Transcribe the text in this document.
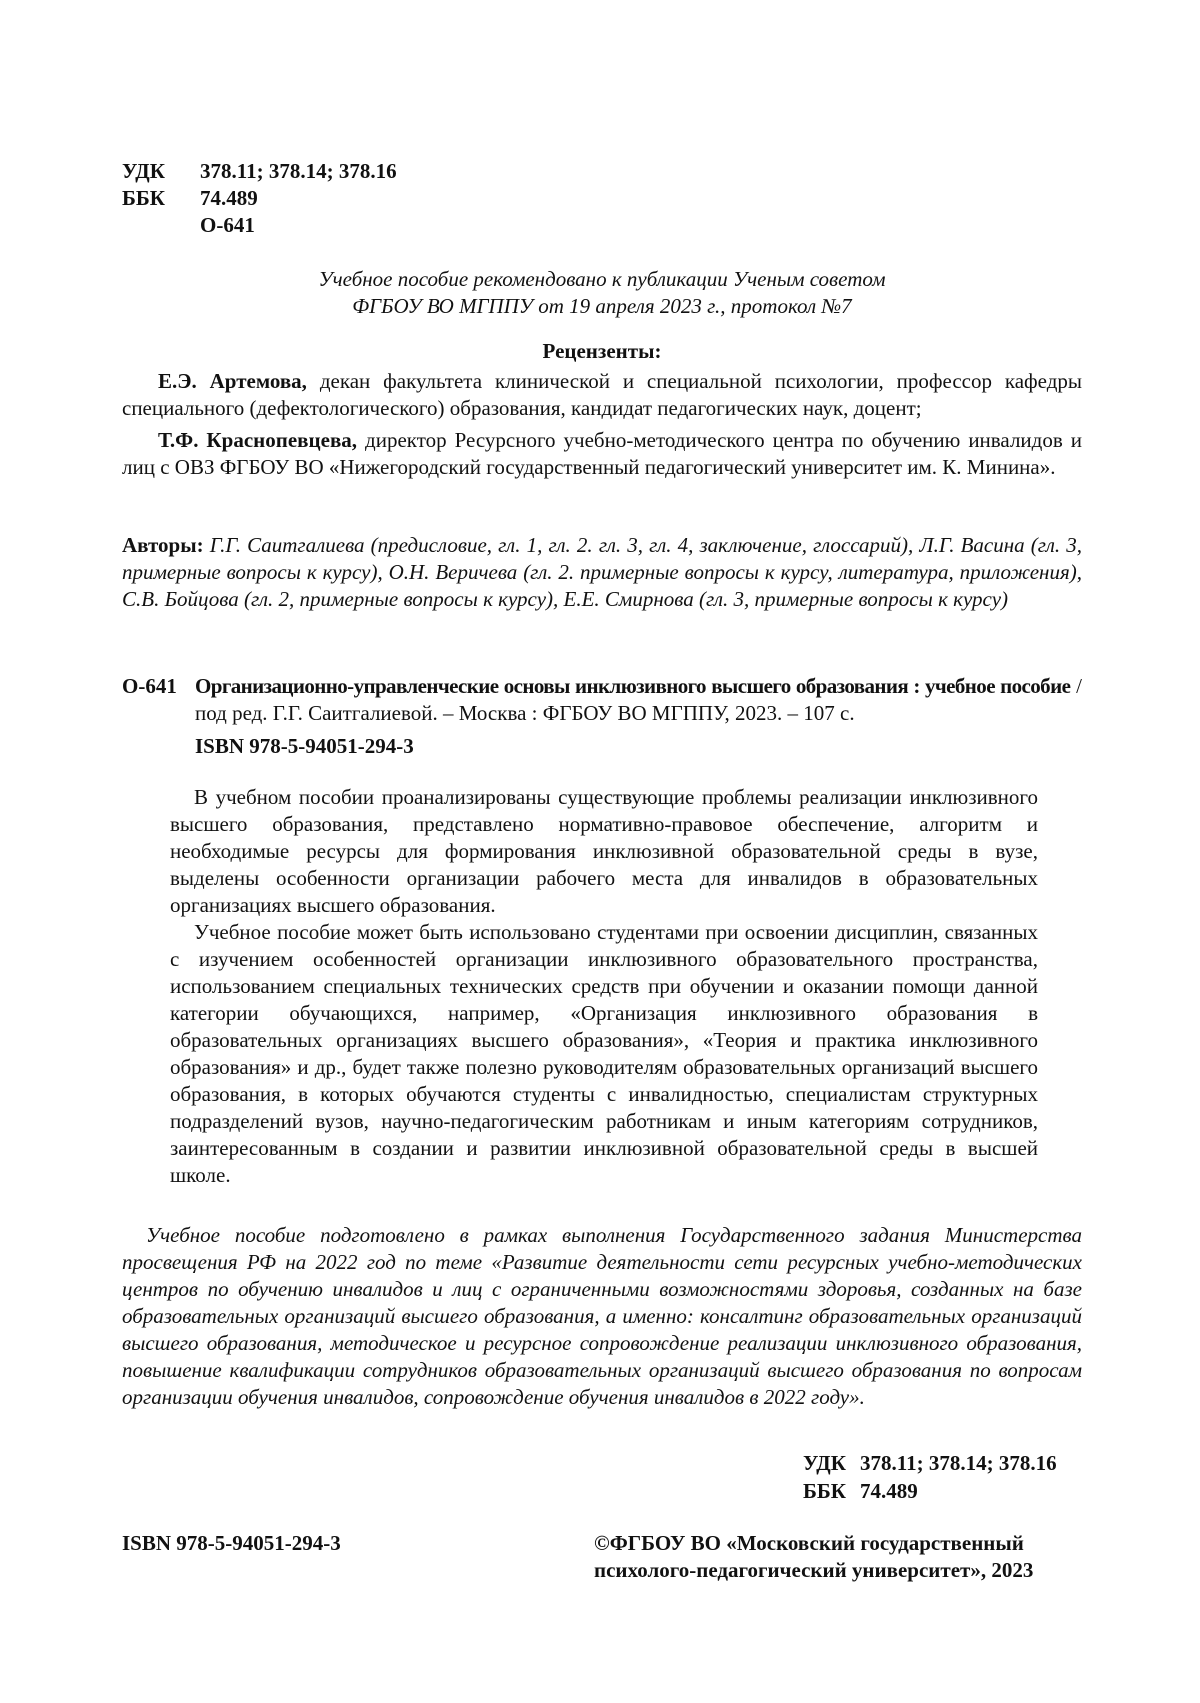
УДК 378.11; 378.14; 378.16
ББК 74.489
О-641
Учебное пособие рекомендовано к публикации Ученым советом
ФГБОУ ВО МГППУ от 19 апреля 2023 г., протокол №7
Рецензенты:
Е.Э. Артемова, декан факультета клинической и специальной психологии, профессор кафедры специального (дефектологического) образования, кандидат педагогических наук, доцент;
Т.Ф. Краснопевцева, директор Ресурсного учебно-методического центра по обучению инвалидов и лиц с ОВЗ ФГБОУ ВО «Нижегородский государственный педагогический университет им. К. Минина».
Авторы: Г.Г. Саитгалиева (предисловие, гл. 1, гл. 2. гл. 3, гл. 4, заключение, глоссарий), Л.Г. Васина (гл. 3, примерные вопросы к курсу), О.Н. Веричева (гл. 2. примерные вопросы к курсу, литература, приложения), С.В. Бойцова (гл. 2, примерные вопросы к курсу), Е.Е. Смирнова (гл. 3, примерные вопросы к курсу)
О-641 Организационно-управленческие основы инклюзивного высшего образования : учебное пособие / под ред. Г.Г. Саитгалиевой. – Москва : ФГБОУ ВО МГППУ, 2023. – 107 с.
ISBN 978-5-94051-294-3

В учебном пособии проанализированы существующие проблемы реализации инклюзивного высшего образования, представлено нормативно-правовое обеспечение, алгоритм и необходимые ресурсы для формирования инклюзивной образовательной среды в вузе, выделены особенности организации рабочего места для инвалидов в образовательных организациях высшего образования.

Учебное пособие может быть использовано студентами при освоении дисциплин, связанных с изучением особенностей организации инклюзивного образовательного пространства, использованием специальных технических средств при обучении и оказании помощи данной категории обучающихся, например, «Организация инклюзивного образования в образовательных организациях высшего образования», «Теория и практика инклюзивного образования» и др., будет также полезно руководителям образовательных организаций высшего образования, в которых обучаются студенты с инвалидностью, специалистам структурных подразделений вузов, научно-педагогическим работникам и иным категориям сотрудников, заинтересованным в создании и развитии инклюзивной образовательной среды в высшей школе.

Учебное пособие подготовлено в рамках выполнения Государственного задания Министерства просвещения РФ на 2022 год по теме «Развитие деятельности сети ресурсных учебно-методических центров по обучению инвалидов и лиц с ограниченными возможностями здоровья, созданных на базе образовательных организаций высшего образования, а именно: консалтинг образовательных организаций высшего образования, методическое и ресурсное сопровождение реализации инклюзивного образования, повышение квалификации сотрудников образовательных организаций высшего образования по вопросам организации обучения инвалидов, сопровождение обучения инвалидов в 2022 году».
УДК 378.11; 378.14; 378.16
ББК 74.489
ISBN 978-5-94051-294-3	©ФГБОУ ВО «Московский государственный
психолого-педагогический университет», 2023
